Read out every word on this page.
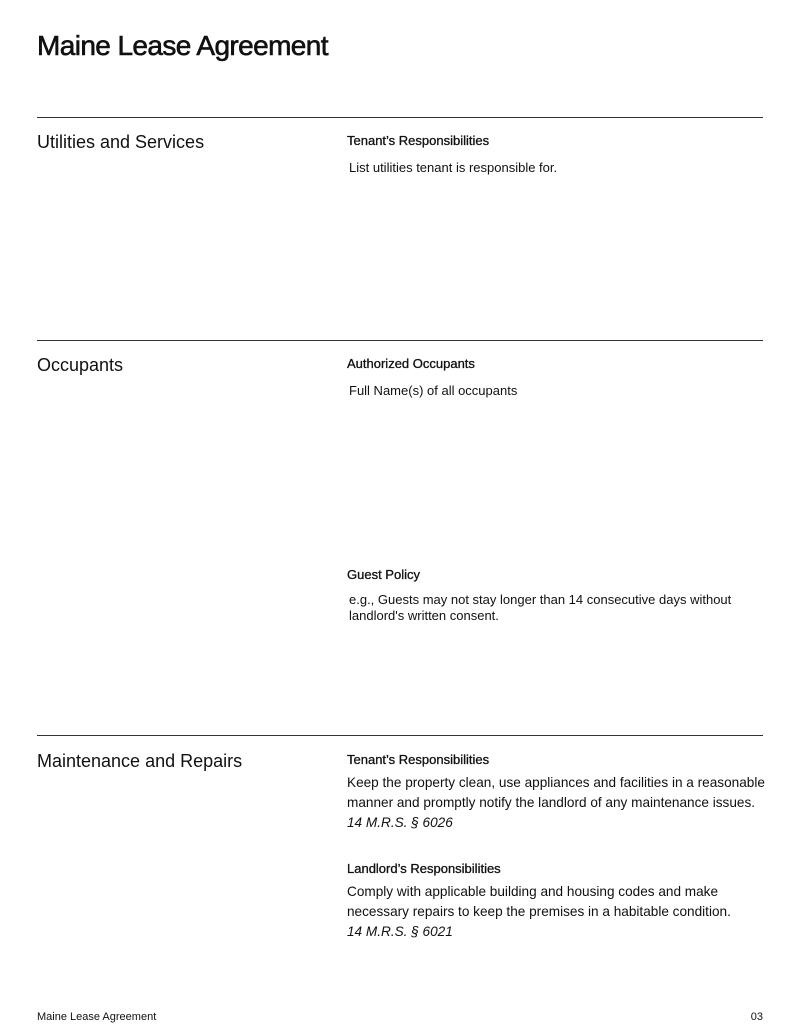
Maine Lease Agreement
Utilities and Services	Tenant’s Responsibilities
List utilities tenant is responsible for.
Occupants	Authorized Occupants
Full Name(s) of all occupants
Guest Policy
e.g., Guests may not stay longer than 14 consecutive days without landlord's written consent.
Maintenance and Repairs	Tenant’s Responsibilities
Keep the property clean, use appliances and facilities in a reasonable manner and promptly notify the landlord of any maintenance issues.
14 M.R.S. § 6026
Landlord’s Responsibilities
Comply with applicable building and housing codes and make necessary repairs to keep the premises in a habitable condition.
14 M.R.S. § 6021
Maine Lease Agreement	03
